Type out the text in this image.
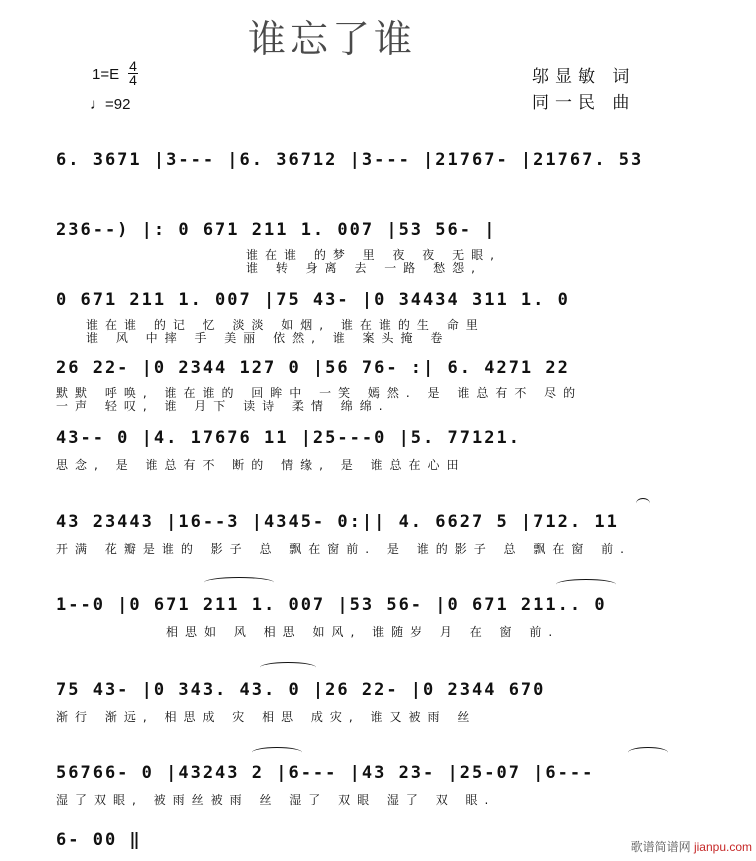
谁忘了谁
1=E 4
4
♩=92
邬显敏 词
同一民 曲
6. 3671 |3--- |6. 36712 |3--- |21767- |21767. 53
236--) |: 0 671 211 1. 007 |53 56- |
谁在谁 的梦 里 夜 夜 无眼,
谁 转 身离 去 一路 愁怨,
0 671 211 1. 007 |75 43- |0 34434 311 1. 0
谁在谁 的记 忆 淡淡 如烟, 谁在谁的生 命里
谁 风 中摔 手 美丽 依然, 谁 案头掩 卷
26 22- |0 2344 127 0 |56 76- :| 6. 4271 22
默默 呼唤, 谁在谁的 回眸中 一笑 嫣然. 是 谁总有不 尽的
一声 轻叹, 谁 月下 读诗 柔情 绵绵.
43-- 0 |4. 17676 11 |25---0 |5. 77121.
思念, 是 谁总有不 断的 情缘, 是 谁总在心田
43 23443 |16--3 |4345- 0:|| 4. 6627 5 |712. 11
开满 花瓣是谁的 影子 总 飘在窗前. 是 谁的影子 总 飘在窗 前.
1--0 |0 671 211 1. 007 |53 56- |0 671 211.. 0
相思如 风 相思 如风, 谁随岁 月 在 窗 前.
75 43- |0 343. 43. 0 |26 22- |0 2344 670
渐行 渐远, 相思成 灾 相思 成灾, 谁又被雨 丝
56766- 0 |43243 2 |6--- |43 23- |25-07 |6---
湿了双眼, 被雨丝被雨 丝 湿了 双眼 湿了 双 眼.
6- 00 ‖	歌谱简谱网 jianpu.com
